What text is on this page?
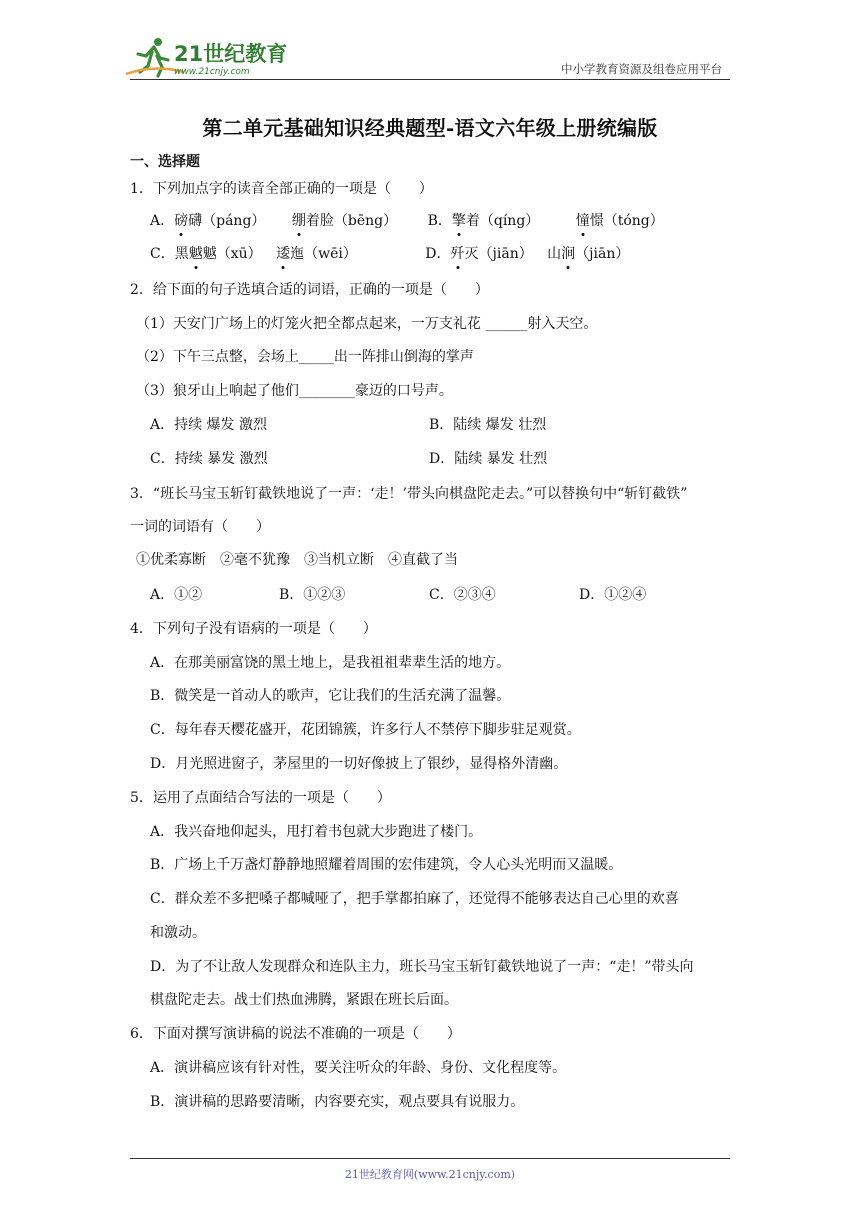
21世纪教育
www.21cnjy.com	中小学教育资源及组卷应用平台
第二单元基础知识经典题型-语文六年级上册统编版
一、选择题
1．下列加点字的读音全部正确的一项是（　　）
A．磅礴（páng） 绷着脸（bēng） B．擎着（qíng）	憧憬（tóng）
C．黑魆魆（xū） 逶迤（wēi）	D．歼灭（jiān） 山涧（jiān）
2．给下面的句子选填合适的词语，正确的一项是（　　）
（1）天安门广场上的灯笼火把全都点起来，一万支礼花 ______射入天空。
（2）下午三点整，会场上_____出一阵排山倒海的掌声
（3）狼牙山上响起了他们________豪迈的口号声。
A．持续 爆发 激烈	B．陆续 爆发 壮烈
C．持续 暴发 激烈	D．陆续 暴发 壮烈
3．“班长马宝玉斩钉截铁地说了一声：‘走！’带头向棋盘陀走去。”可以替换句中“斩钉截铁”
一词的词语有（　　）
①优柔寡断　②毫不犹豫　③当机立断　④直截了当
A．①②	B．①②③	C．②③④	D．①②④
4．下列句子没有语病的一项是（　　）
A．在那美丽富饶的黑土地上，是我祖祖辈辈生活的地方。
B．微笑是一首动人的歌声，它让我们的生活充满了温馨。
C．每年春天樱花盛开，花团锦簇，许多行人不禁停下脚步驻足观赏。
D．月光照进窗子，茅屋里的一切好像披上了银纱，显得格外清幽。
5．运用了点面结合写法的一项是（　　）
A．我兴奋地仰起头，甩打着书包就大步跑进了楼门。
B．广场上千万盏灯静静地照耀着周围的宏伟建筑，令人心头光明而又温暖。
C．群众差不多把嗓子都喊哑了，把手掌都拍麻了，还觉得不能够表达自己心里的欢喜
和激动。
D．为了不让敌人发现群众和连队主力，班长马宝玉斩钉截铁地说了一声：“走！”带头向
棋盘陀走去。战士们热血沸腾，紧跟在班长后面。
6．下面对撰写演讲稿的说法不准确的一项是（　　）
A．演讲稿应该有针对性，要关注听众的年龄、身份、文化程度等。
B．演讲稿的思路要清晰，内容要充实，观点要具有说服力。
21世纪教育网(www.21cnjy.com)
